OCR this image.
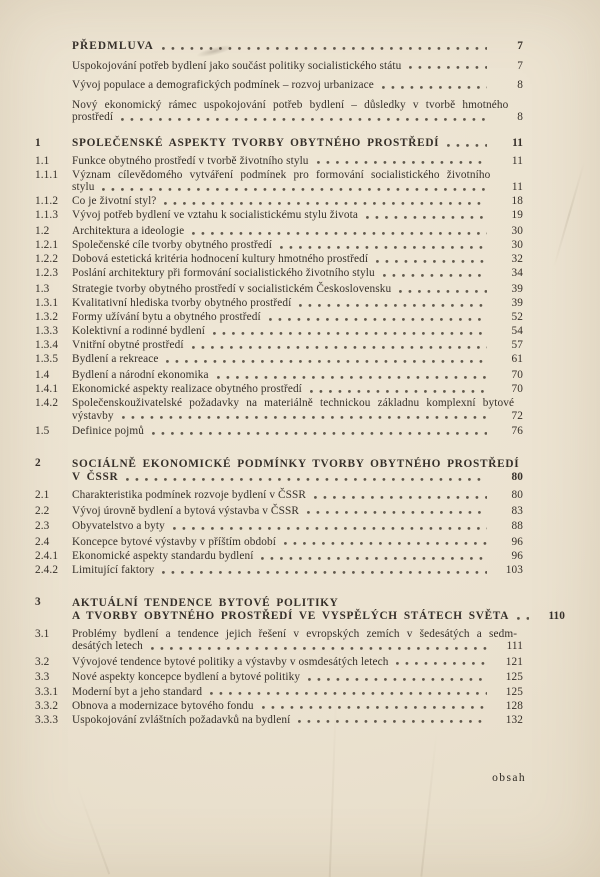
PŘEDMLUVA	7
Uspokojování potřeb bydlení jako součást politiky socialistického státu	7
Vývoj populace a demografických podmínek – rozvoj urbanizace	8
Nový ekonomický rámec uspokojování potřeb bydlení – důsledky v tvorbě hmotného
prostředí	8
1	SPOLEČENSKÉ ASPEKTY TVORBY OBYTNÉHO PROSTŘEDÍ	11
1.1	Funkce obytného prostředí v tvorbě životního stylu	11
1.1.1	Význam cílevědomého vytváření podmínek pro formování socialistického životního
stylu	11
1.1.2	Co je životní styl?	18
1.1.3	Vývoj potřeb bydlení ve vztahu k socialistickému stylu života	19
1.2	Architektura a ideologie	30
1.2.1	Společenské cíle tvorby obytného prostředí	30
1.2.2	Dobová estetická kritéria hodnocení kultury hmotného prostředí	32
1.2.3	Poslání architektury při formování socialistického životního stylu	34
1.3	Strategie tvorby obytného prostředí v socialistickém Československu	39
1.3.1	Kvalitativní hlediska tvorby obytného prostředí	39
1.3.2	Formy užívání bytu a obytného prostředí	52
1.3.3	Kolektivní a rodinné bydlení	54
1.3.4	Vnitřní obytné prostředí	57
1.3.5	Bydlení a rekreace	61
1.4	Bydlení a národní ekonomika	70
1.4.1	Ekonomické aspekty realizace obytného prostředí	70
1.4.2	Společenskouživatelské požadavky na materiálně technickou základnu komplexní bytové
výstavby	72
1.5	Definice pojmů	76
2	SOCIÁLNĚ EKONOMICKÉ PODMÍNKY TVORBY OBYTNÉHO PROSTŘEDÍ
V ČSSR	80
2.1	Charakteristika podmínek rozvoje bydlení v ČSSR	80
2.2	Vývoj úrovně bydlení a bytová výstavba v ČSSR	83
2.3	Obyvatelstvo a byty	88
2.4	Koncepce bytové výstavby v příštím období	96
2.4.1	Ekonomické aspekty standardu bydlení	96
2.4.2	Limitující faktory	103
3	AKTUÁLNÍ TENDENCE BYTOVÉ POLITIKY
A TVORBY OBYTNÉHO PROSTŘEDÍ VE VYSPĚLÝCH STÁTECH SVĚTA	110
3.1	Problémy bydlení a tendence jejich řešení v evropských zemích v šedesátých a sedm-
desátých letech	111
3.2	Vývojové tendence bytové politiky a výstavby v osmdesátých letech	121
3.3	Nové aspekty koncepce bydlení a bytové politiky	125
3.3.1	Moderní byt a jeho standard	125
3.3.2	Obnova a modernizace bytového fondu	128
3.3.3	Uspokojování zvláštních požadavků na bydlení	132
obsah
